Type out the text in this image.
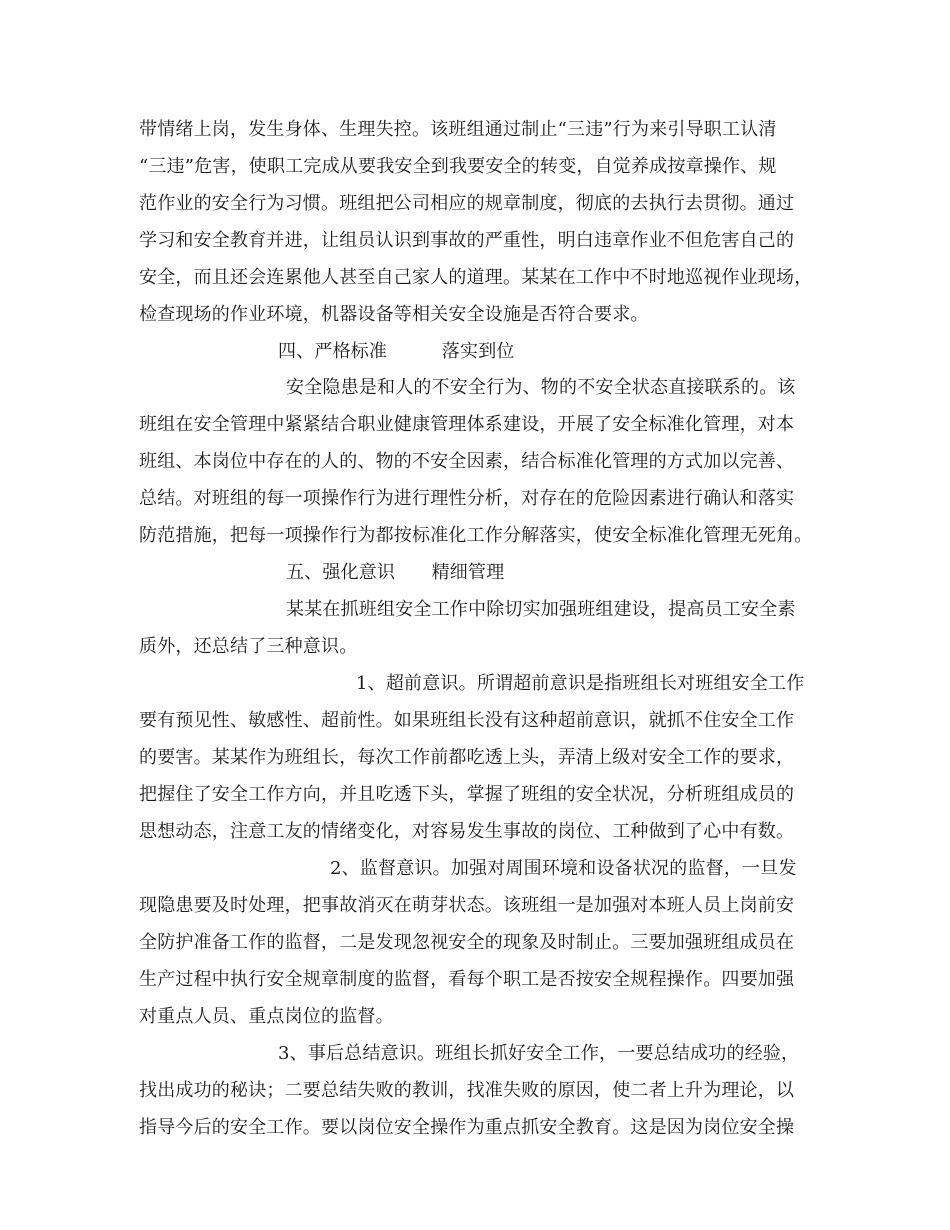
带情绪上岗，发生身体、生理失控。该班组通过制止“三违”行为来引导职工认清
“三违”危害，使职工完成从要我安全到我要安全的转变，自觉养成按章操作、规
范作业的安全行为习惯。班组把公司相应的规章制度，彻底的去执行去贯彻。通过
学习和安全教育并进，让组员认识到事故的严重性，明白违章作业不但危害自己的
安全，而且还会连累他人甚至自己家人的道理。某某在工作中不时地巡视作业现场，
检查现场的作业环境，机器设备等相关安全设施是否符合要求。
四、严格标准　　　落实到位
安全隐患是和人的不安全行为、物的不安全状态直接联系的。该
班组在安全管理中紧紧结合职业健康管理体系建设，开展了安全标准化管理，对本
班组、本岗位中存在的人的、物的不安全因素，结合标准化管理的方式加以完善、
总结。对班组的每一项操作行为进行理性分析，对存在的危险因素进行确认和落实
防范措施，把每一项操作行为都按标准化工作分解落实，使安全标准化管理无死角。
五、强化意识　　精细管理
某某在抓班组安全工作中除切实加强班组建设，提高员工安全素
质外，还总结了三种意识。
1、超前意识。所谓超前意识是指班组长对班组安全工作
要有预见性、敏感性、超前性。如果班组长没有这种超前意识，就抓不住安全工作
的要害。某某作为班组长，每次工作前都吃透上头，弄清上级对安全工作的要求，
把握住了安全工作方向，并且吃透下头，掌握了班组的安全状况，分析班组成员的
思想动态，注意工友的情绪变化，对容易发生事故的岗位、工种做到了心中有数。
2、监督意识。加强对周围环境和设备状况的监督，一旦发
现隐患要及时处理，把事故消灭在萌芽状态。该班组一是加强对本班人员上岗前安
全防护准备工作的监督，二是发现忽视安全的现象及时制止。三要加强班组成员在
生产过程中执行安全规章制度的监督，看每个职工是否按安全规程操作。四要加强
对重点人员、重点岗位的监督。
3、事后总结意识。班组长抓好安全工作，一要总结成功的经验，
找出成功的秘诀；二要总结失败的教训，找准失败的原因，使二者上升为理论，以
指导今后的安全工作。要以岗位安全操作为重点抓安全教育。这是因为岗位安全操
